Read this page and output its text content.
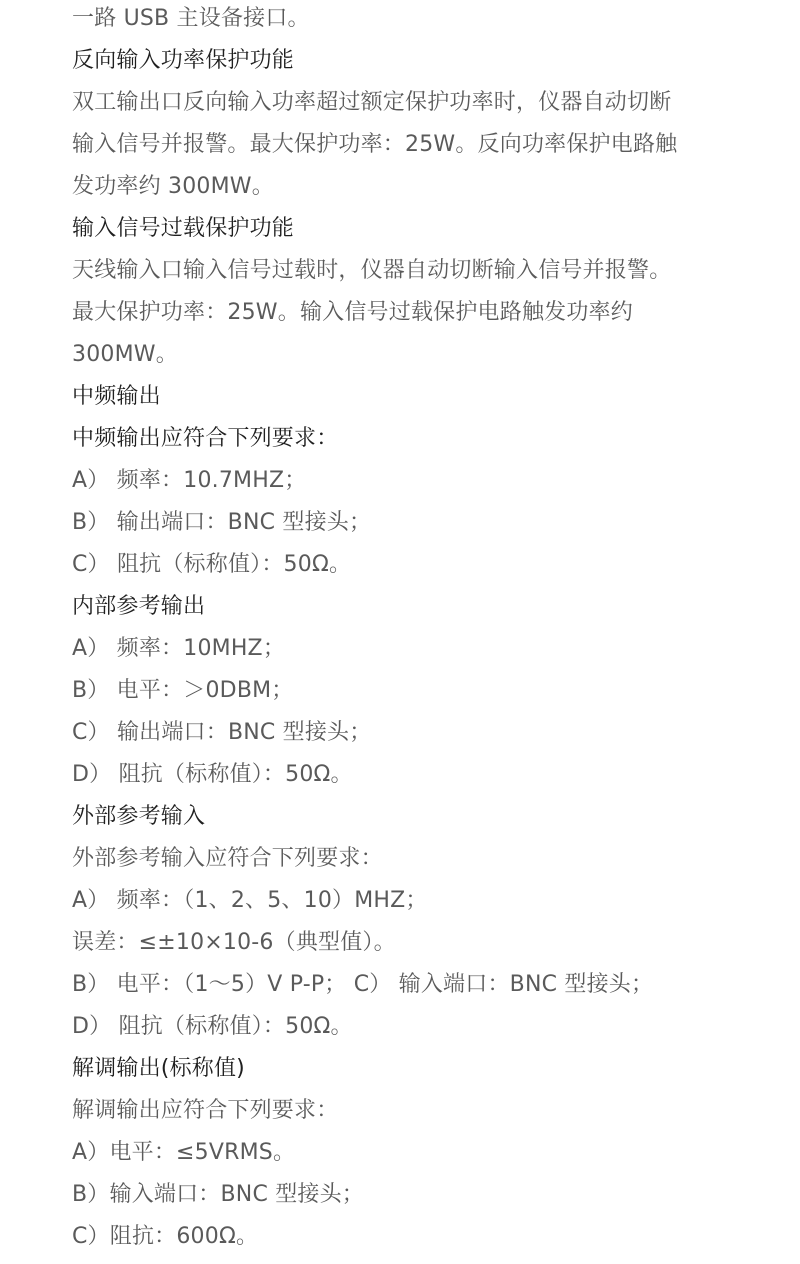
一路 USB 主设备接口。

反向输入功率保护功能

双工输出口反向输入功率超过额定保护功率时，仪器自动切断

输入信号并报警。最大保护功率：25W。反向功率保护电路触

发功率约 300MW。

输入信号过载保护功能

天线输入口输入信号过载时，仪器自动切断输入信号并报警。

最大保护功率：25W。输入信号过载保护电路触发功率约

300MW。

中频输出

中频输出应符合下列要求：

A） 频率：10.7MHZ；

B） 输出端口：BNC 型接头；

C） 阻抗（标称值）：50Ω。

内部参考输出

A） 频率：10MHZ；

B） 电平：＞0DBM；

C） 输出端口：BNC 型接头；

D） 阻抗（标称值）：50Ω。

外部参考输入

外部参考输入应符合下列要求：

A） 频率：（1、2、5、10）MHZ；

误差：≤±10×10-6（典型值）。

B） 电平：（1～5）V P-P； C） 输入端口：BNC 型接头；

D） 阻抗（标称值）：50Ω。

解调输出(标称值)

解调输出应符合下列要求：

A）电平：≤5VRMS。

B）输入端口：BNC 型接头；

C）阻抗：600Ω。
